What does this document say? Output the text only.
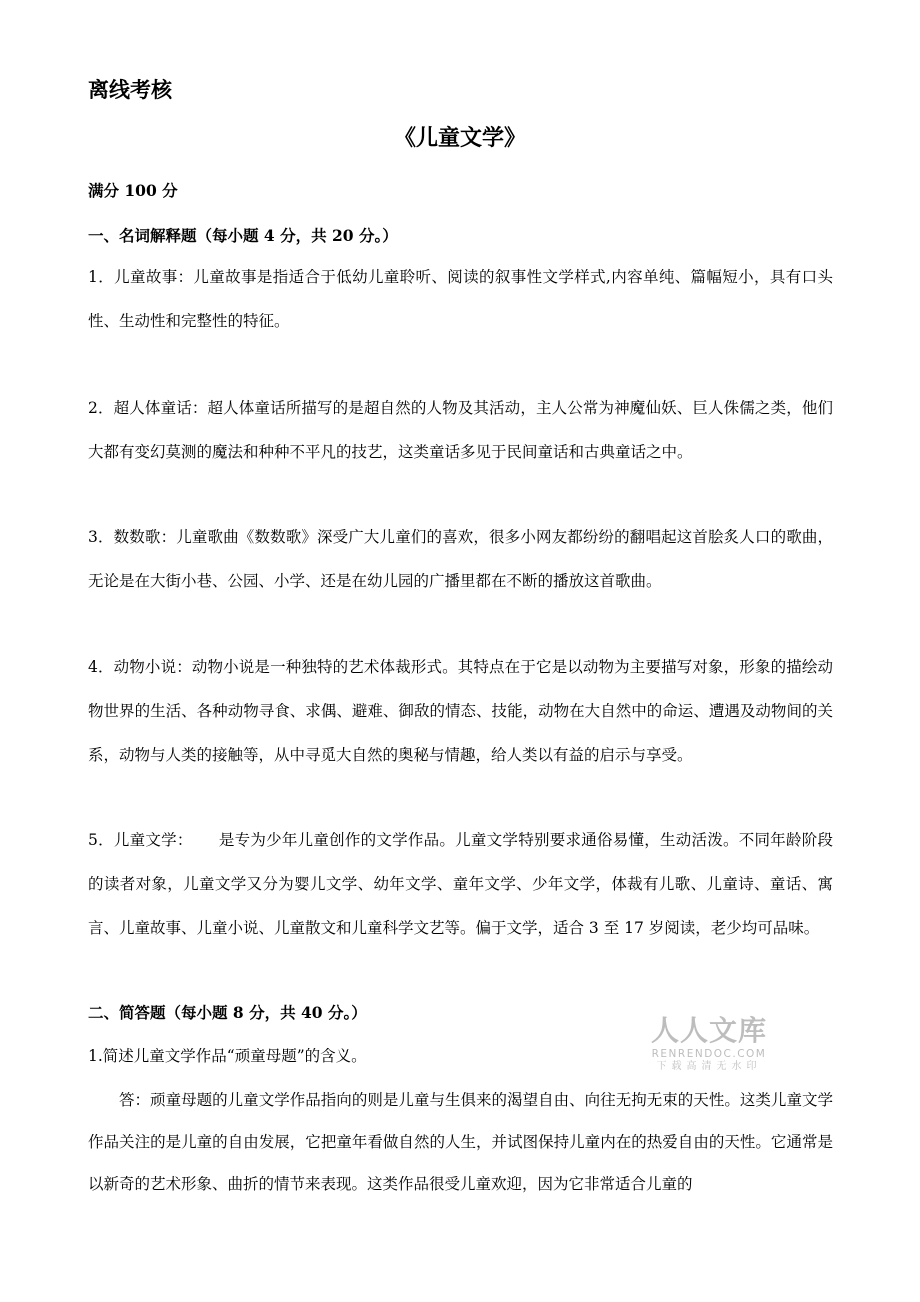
离线考核
《儿童文学》
满分 100 分
一、名词解释题（每小题 4 分，共 20 分。）
1．儿童故事：儿童故事是指适合于低幼儿童聆听、阅读的叙事性文学样式,内容单纯、篇幅短小，具有口头性、生动性和完整性的特征。
2．超人体童话：超人体童话所描写的是超自然的人物及其活动，主人公常为神魔仙妖、巨人侏儒之类，他们大都有变幻莫测的魔法和种种不平凡的技艺，这类童话多见于民间童话和古典童话之中。
3．数数歌：儿童歌曲《数数歌》深受广大儿童们的喜欢，很多小网友都纷纷的翻唱起这首脍炙人口的歌曲，无论是在大街小巷、公园、小学、还是在幼儿园的广播里都在不断的播放这首歌曲。
4．动物小说：动物小说是一种独特的艺术体裁形式。其特点在于它是以动物为主要描写对象，形象的描绘动物世界的生活、各种动物寻食、求偶、避难、御敌的情态、技能，动物在大自然中的命运、遭遇及动物间的关系，动物与人类的接触等，从中寻觅大自然的奥秘与情趣，给人类以有益的启示与享受。
5．儿童文学： 是专为少年儿童创作的文学作品。儿童文学特别要求通俗易懂，生动活泼。不同年龄阶段的读者对象，儿童文学又分为婴儿文学、幼年文学、童年文学、少年文学，体裁有儿歌、儿童诗、童话、寓言、儿童故事、儿童小说、儿童散文和儿童科学文艺等。偏于文学，适合 3 至 17 岁阅读，老少均可品味。
二、简答题（每小题 8 分，共 40 分。）
1.简述儿童文学作品“顽童母题”的含义。
答：顽童母题的儿童文学作品指向的则是儿童与生俱来的渴望自由、向往无拘无束的天性。这类儿童文学作品关注的是儿童的自由发展，它把童年看做自然的人生，并试图保持儿童内在的热爱自由的天性。它通常是以新奇的艺术形象、曲折的情节来表现。这类作品很受儿童欢迎，因为它非常适合儿童的
人人文库
RENRENDOC.COM
下载高清无水印
